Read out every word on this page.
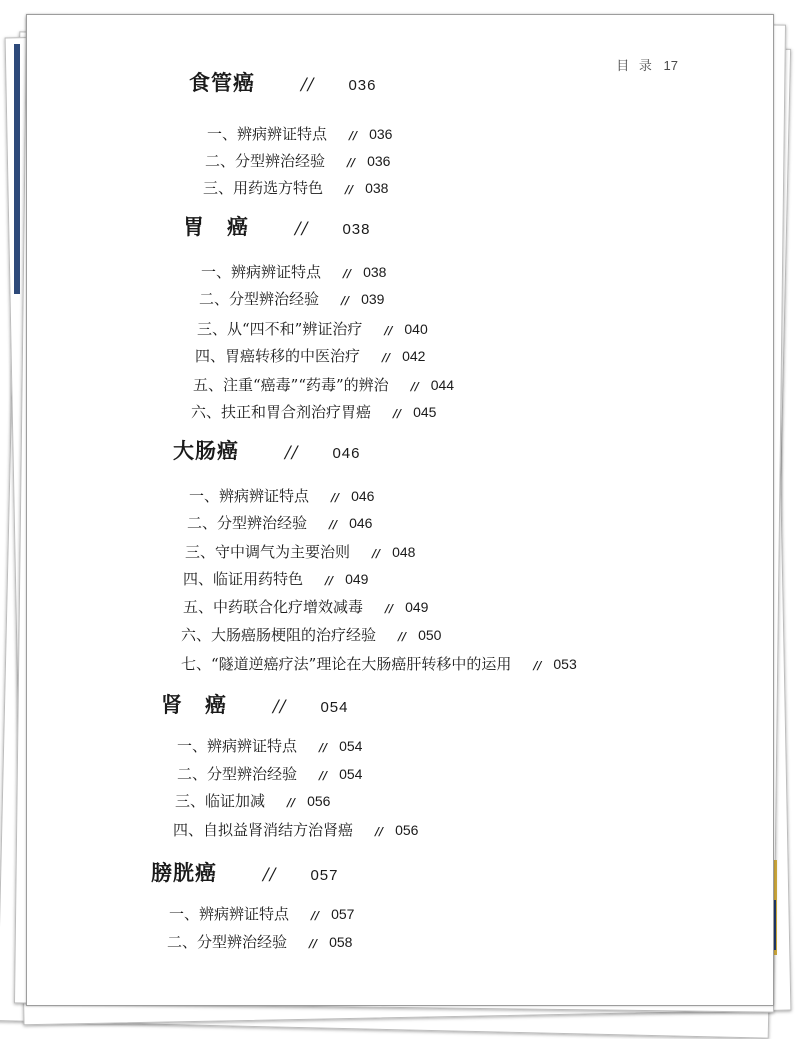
目 录 17
食管癌	// 036
一、辨病辨证特点 // 036
二、分型辨治经验 // 036
三、用药选方特色 // 038
胃　癌	// 038
一、辨病辨证特点 // 038
二、分型辨治经验 // 039
三、从“四不和”辨证治疗 // 040
四、胃癌转移的中医治疗 // 042
五、注重“癌毒”“药毒”的辨治 // 044
六、扶正和胃合剂治疗胃癌 // 045
大肠癌	// 046
一、辨病辨证特点 // 046
二、分型辨治经验 // 046
三、守中调气为主要治则 // 048
四、临证用药特色 // 049
五、中药联合化疗增效减毒 // 049
六、大肠癌肠梗阻的治疗经验 // 050
七、“隧道逆癌疗法”理论在大肠癌肝转移中的运用 // 053
肾　癌	// 054
一、辨病辨证特点 // 054
二、分型辨治经验 // 054
三、临证加减 // 056
四、自拟益肾消结方治肾癌 // 056
膀胱癌	// 057
一、辨病辨证特点 // 057
二、分型辨治经验 // 058
